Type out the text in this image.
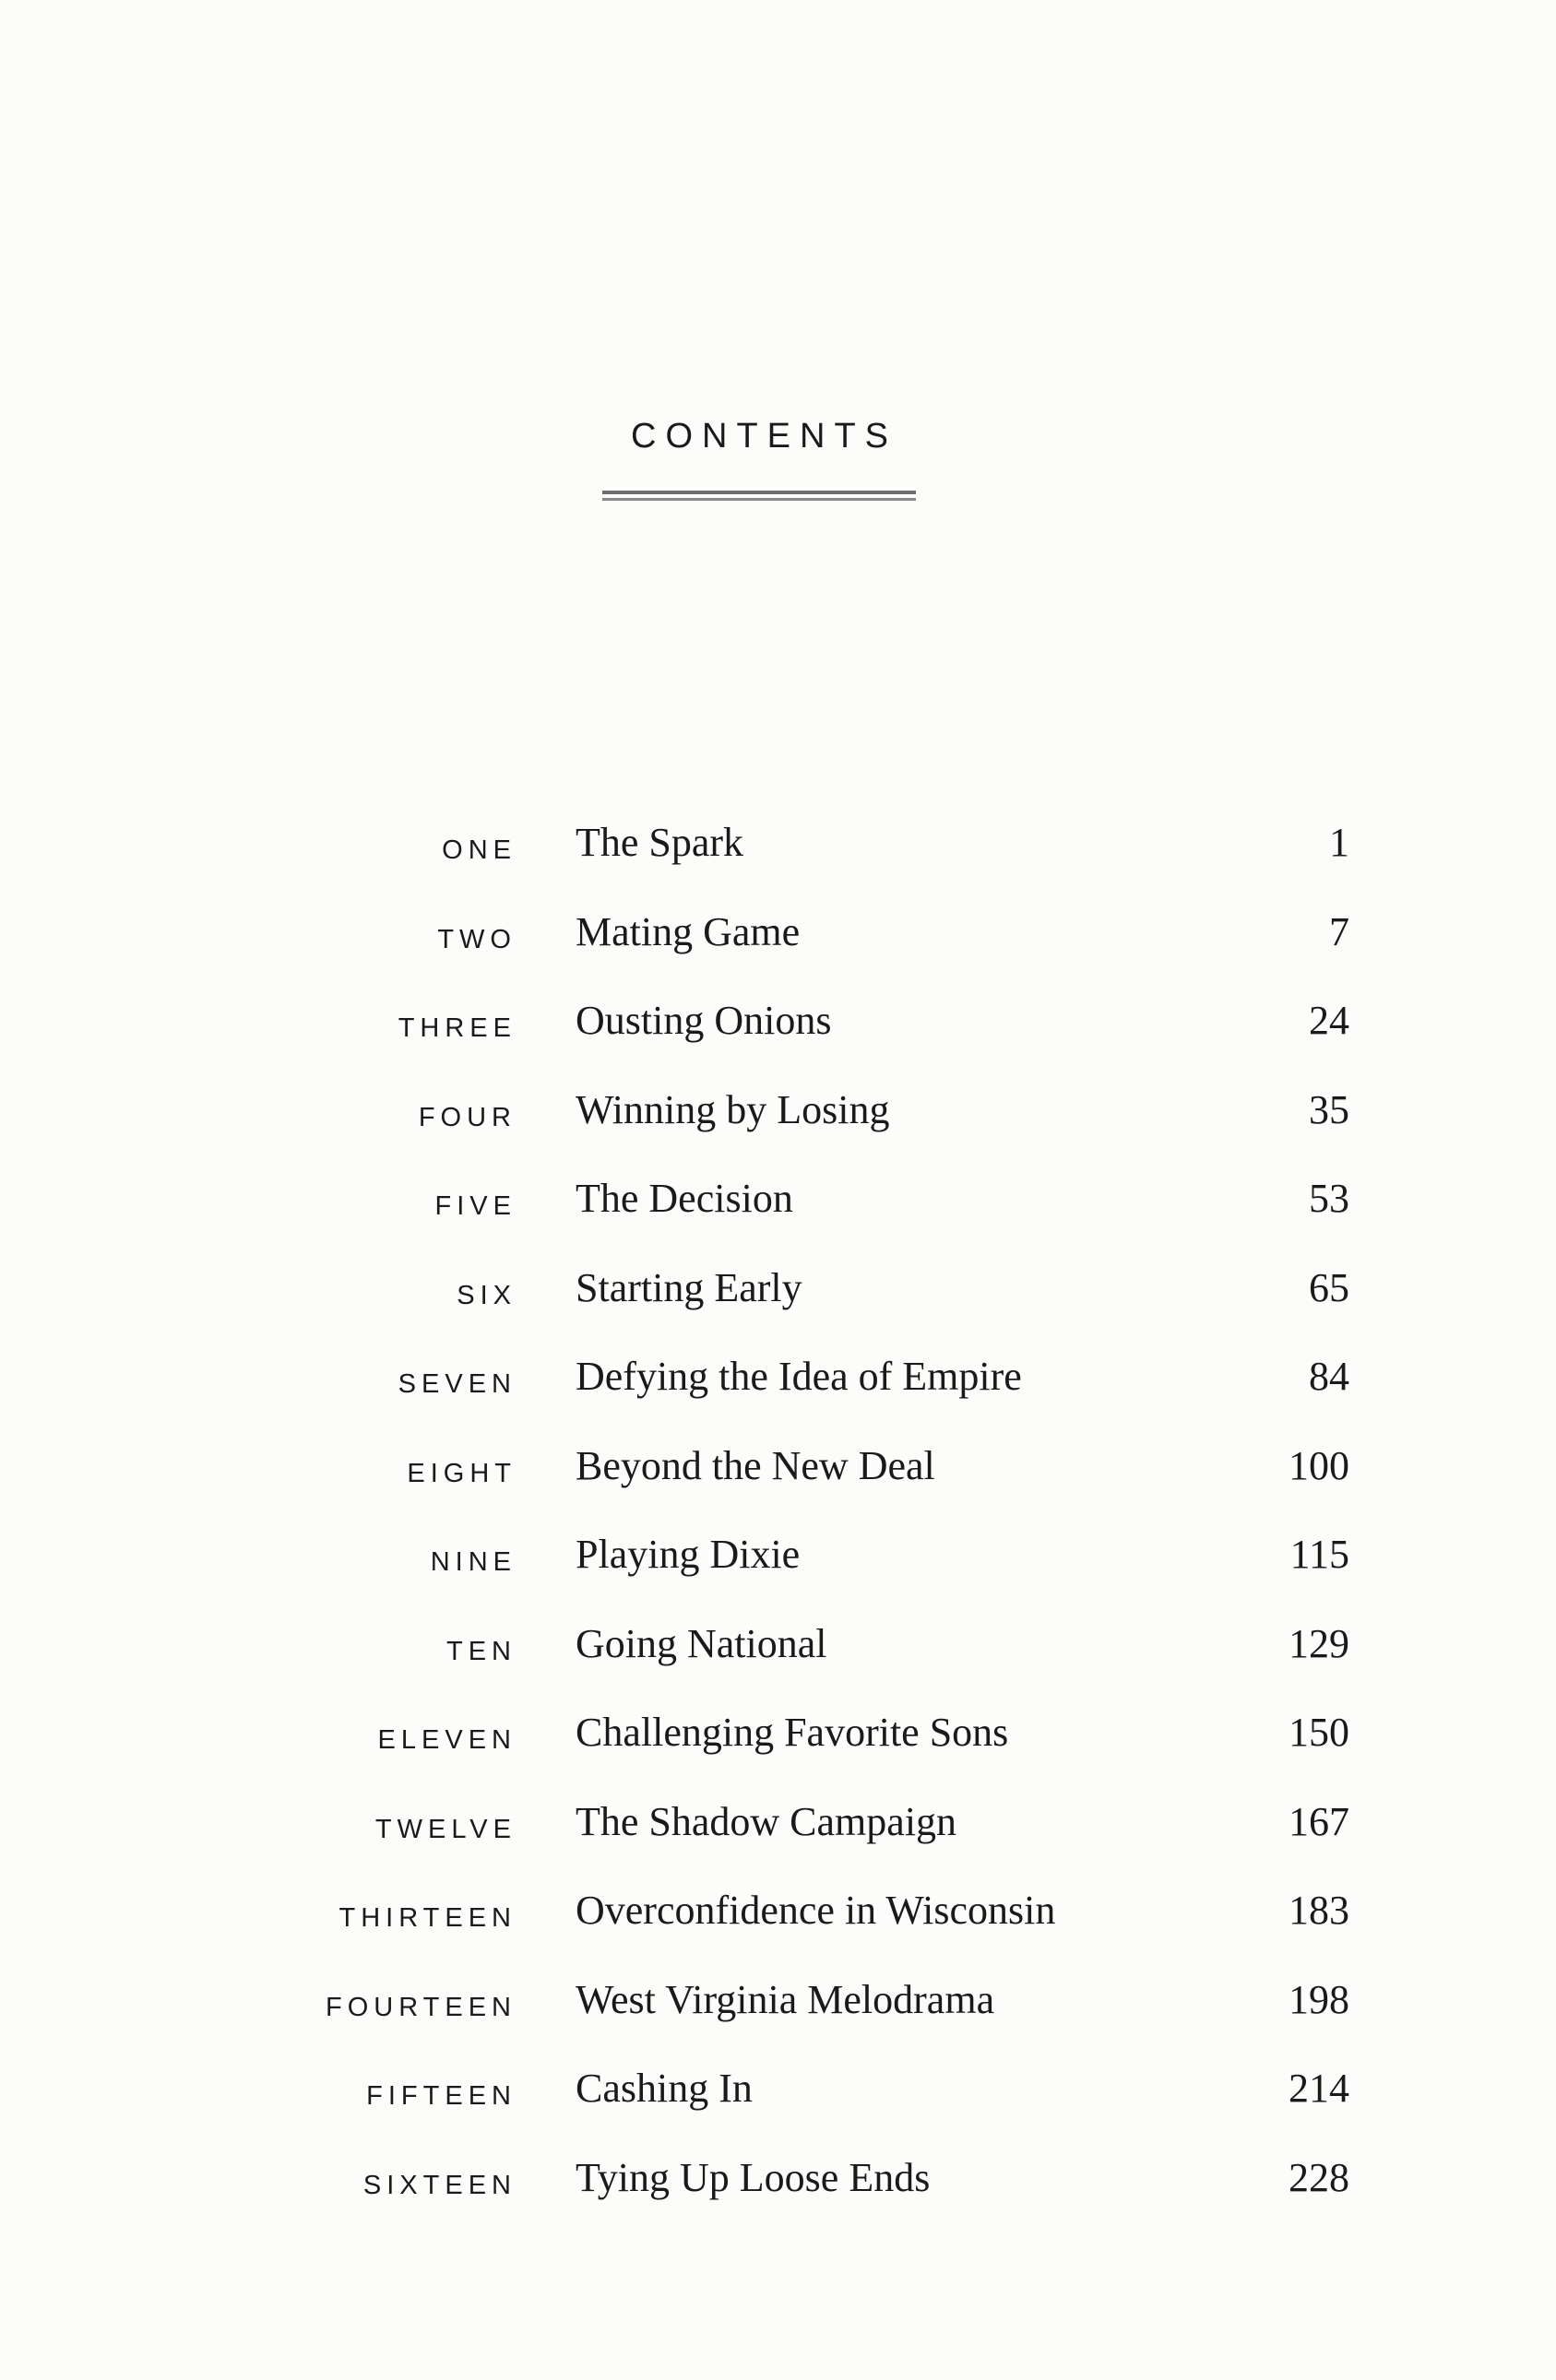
CONTENTS
ONE The Spark	1
TWO Mating Game	7
THREE Ousting Onions	24
FOUR Winning by Losing	35
FIVE The Decision	53
SIX Starting Early	65
SEVEN Defying the Idea of Empire	84
EIGHT Beyond the New Deal	100
NINE Playing Dixie	115
TEN Going National	129
ELEVEN Challenging Favorite Sons	150
TWELVE The Shadow Campaign	167
THIRTEEN Overconfidence in Wisconsin	183
FOURTEEN West Virginia Melodrama	198
FIFTEEN Cashing In	214
SIXTEEN Tying Up Loose Ends	228
